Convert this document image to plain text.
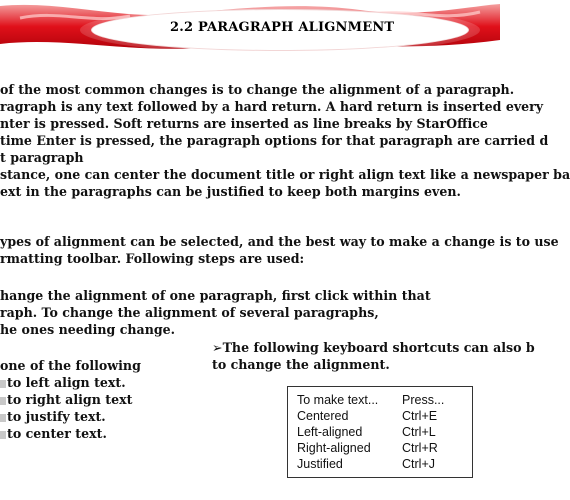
2.2 PARAGRAPH ALIGNMENT
of the most common changes is to change the alignment of a paragraph.
ragraph is any text followed by a hard return. A hard return is inserted every
nter is pressed. Soft returns are inserted as line breaks by StarOffice
time Enter is pressed, the paragraph options for that paragraph are carried d
t paragraph
stance, one can center the document title or right align text like a newspaper ba
ext in the paragraphs can be justified to keep both margins even.
ypes of alignment can be selected, and the best way to make a change is to use
rmatting toolbar. Following steps are used:
hange the alignment of one paragraph, first click within that
raph. To change the alignment of several paragraphs,
he ones needing change.
one of the following
to left align text.
to right align text
to justify text.
to center text.
➢The following keyboard shortcuts can also b
to change the alignment.
To make text... Press...
Centered	Ctrl+E
Left-aligned	Ctrl+L
Right-aligned	Ctrl+R
Justified	Ctrl+J
